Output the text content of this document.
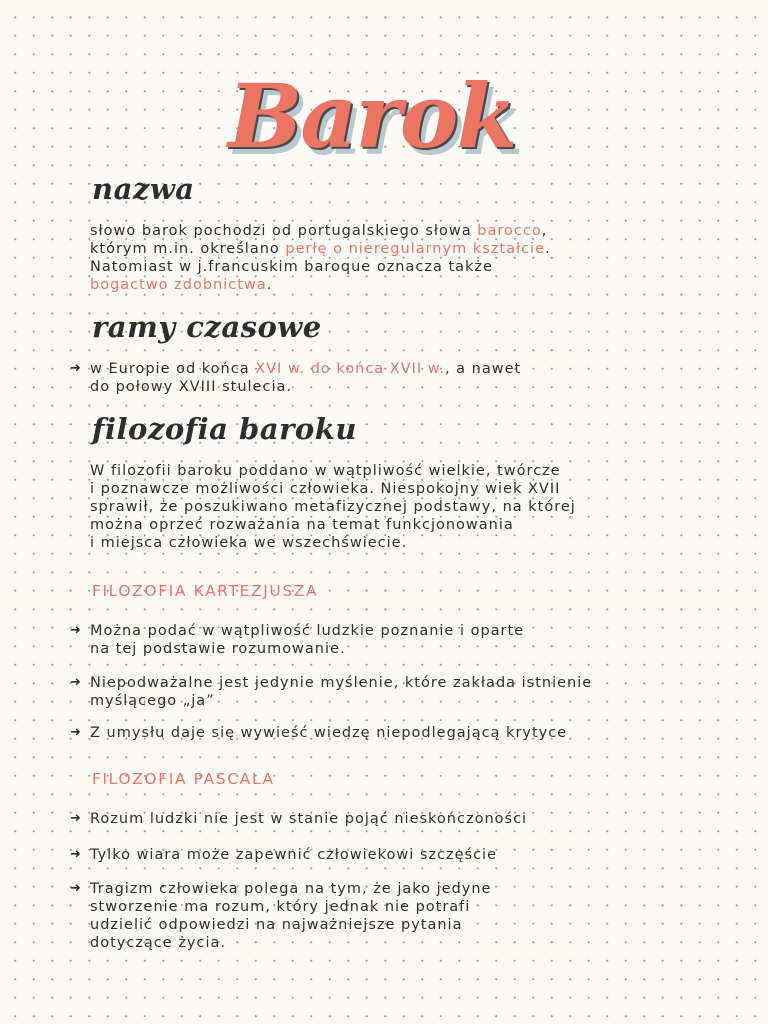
Barok
nazwa
słowo barok pochodzi od portugalskiego słowa barocco,
którym m.in. określano perłę o nieregularnym kształcie.
Natomiast w j.francuskim baroque oznacza także
bogactwo zdobnictwa.
ramy czasowe
➜ w Europie od końca XVI w. do końca XVII w., a nawet
do połowy XVIII stulecia.
filozofia baroku
W filozofii baroku poddano w wątpliwość wielkie, twórcze
i poznawcze możliwości człowieka. Niespokojny wiek XVII
sprawił, że poszukiwano metafizycznej podstawy, na której
można oprzeć rozważania na temat funkcjonowania
i miejsca człowieka we wszechświecie.
FILOZOFIA KARTEZJUSZA
➜ Można podać w wątpliwość ludzkie poznanie i oparte
na tej podstawie rozumowanie.
➜ Niepodważalne jest jedynie myślenie, które zakłada istnienie
myślącego „ja”
➜ Z umysłu daje się wywieść wiedzę niepodlegającą krytyce
FILOZOFIA PASCALA
➜ Rozum ludzki nie jest w stanie pojąć nieskończoności
➜ Tylko wiara może zapewnić człowiekowi szczęście
➜ Tragizm człowieka polega na tym, że jako jedyne
stworzenie ma rozum, który jednak nie potrafi
udzielić odpowiedzi na najważniejsze pytania
dotyczące życia.
